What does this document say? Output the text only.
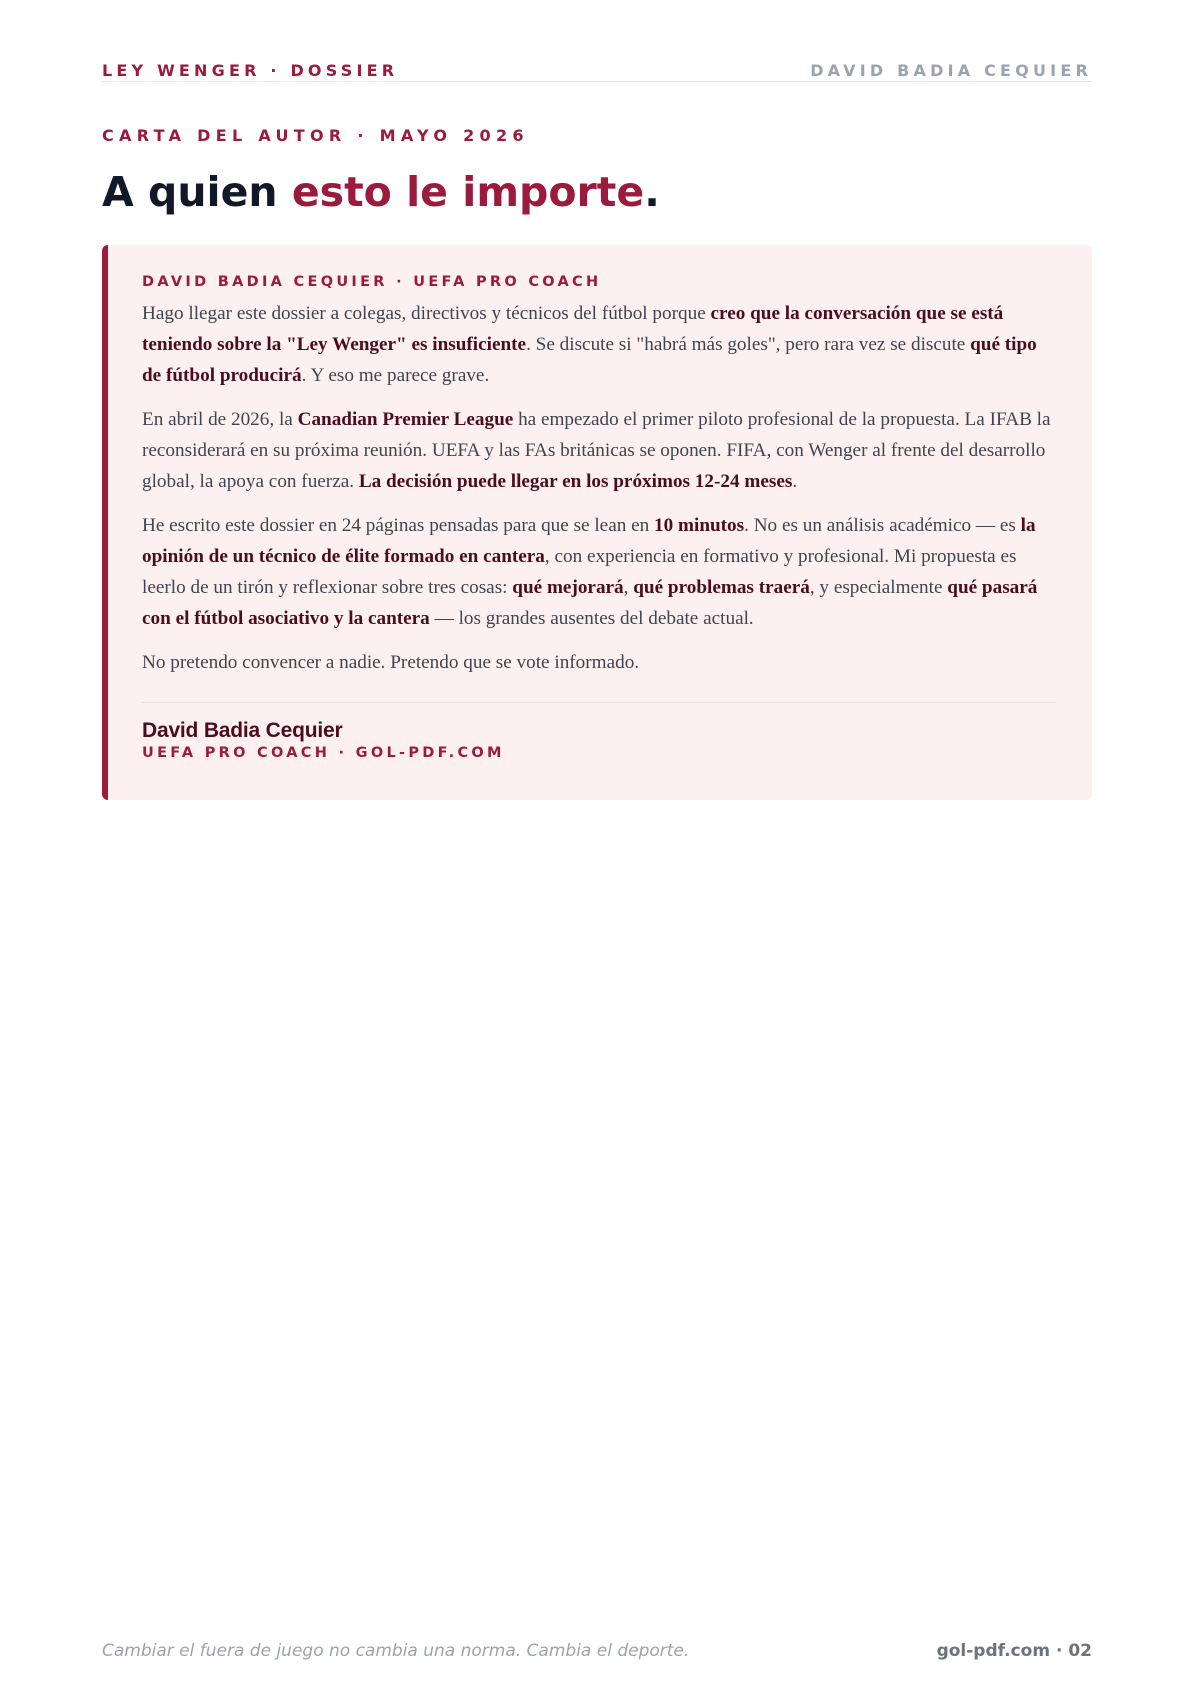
LEY WENGER · DOSSIER	DAVID BADIA CEQUIER
CARTA DEL AUTOR · MAYO 2026
A quien esto le importe.
DAVID BADIA CEQUIER · UEFA PRO COACH

Hago llegar este dossier a colegas, directivos y técnicos del fútbol porque creo que la conversación que se está teniendo sobre la "Ley Wenger" es insuficiente. Se discute si "habrá más goles", pero rara vez se discute qué tipo de fútbol producirá. Y eso me parece grave.

En abril de 2026, la Canadian Premier League ha empezado el primer piloto profesional de la propuesta. La IFAB la reconsiderará en su próxima reunión. UEFA y las FAs británicas se oponen. FIFA, con Wenger al frente del desarrollo global, la apoya con fuerza. La decisión puede llegar en los próximos 12-24 meses.

He escrito este dossier en 24 páginas pensadas para que se lean en 10 minutos. No es un análisis académico — es la opinión de un técnico de élite formado en cantera, con experiencia en formativo y profesional. Mi propuesta es leerlo de un tirón y reflexionar sobre tres cosas: qué mejorará, qué problemas traerá, y especialmente qué pasará con el fútbol asociativo y la cantera — los grandes ausentes del debate actual.

No pretendo convencer a nadie. Pretendo que se vote informado.

David Badia Cequier
UEFA PRO COACH · GOL-PDF.COM
Cambiar el fuera de juego no cambia una norma. Cambia el deporte.	gol-pdf.com · 02
